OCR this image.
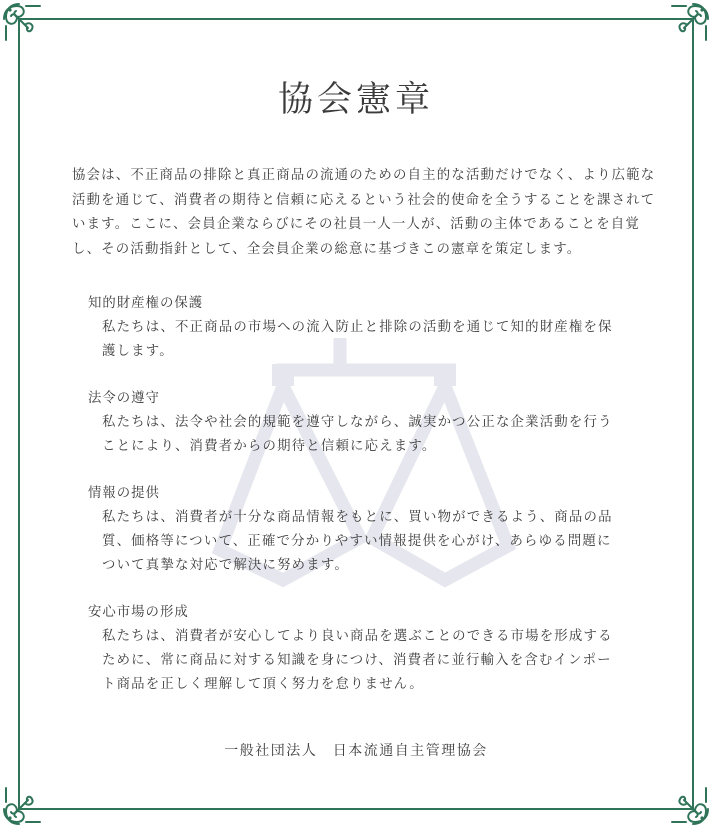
協会憲章

協会は、不正商品の排除と真正商品の流通のための自主的な活動だけでなく、より広範な活動を通じて、消費者の期待と信頼に応えるという社会的使命を全うすることを課されています。ここに、会員企業ならびにその社員一人一人が、活動の主体であることを自覚し、その活動指針として、全会員企業の総意に基づきこの憲章を策定します。

知的財産権の保護

私たちは、不正商品の市場への流入防止と排除の活動を通じて知的財産権を保護します。

法令の遵守

私たちは、法令や社会的規範を遵守しながら、誠実かつ公正な企業活動を行うことにより、消費者からの期待と信頼に応えます。

情報の提供

私たちは、消費者が十分な商品情報をもとに、買い物ができるよう、商品の品質、価格等について、正確で分かりやすい情報提供を心がけ、あらゆる問題について真摯な対応で解決に努めます。

安心市場の形成

私たちは、消費者が安心してより良い商品を選ぶことのできる市場を形成するために、常に商品に対する知識を身につけ、消費者に並行輸入を含むインポート商品を正しく理解して頂く努力を怠りません。

一般社団法人　日本流通自主管理協会
